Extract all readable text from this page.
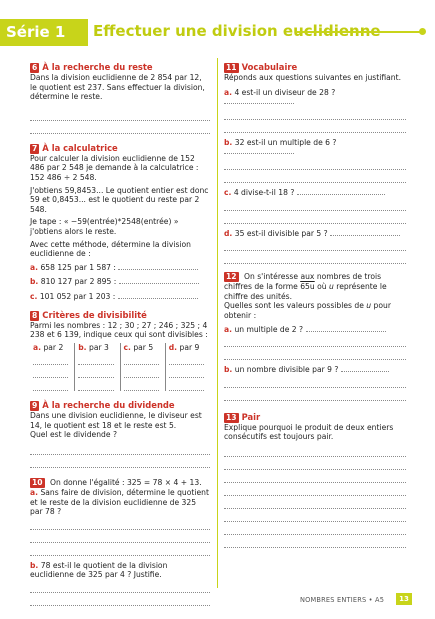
Série 1	Effectuer une division euclidienne

6 À la recherche du reste

Dans la division euclidienne de 2 854 par 12, le quotient est 237. Sans effectuer la division, détermine le reste.

7 À la calculatrice

Pour calculer la division euclidienne de 152 486 par 2 548 je demande à la calculatrice : 152 486 ÷ 2 548.

J'obtiens 59,8453... Le quotient entier est donc 59 et 0,8453... est le quotient du reste par 2 548.

Je tape : « −59(entrée)*2548(entrée) » j'obtiens alors le reste.

Avec cette méthode, détermine la division euclidienne de :

a. 658 125 par 1 587 :

b. 810 127 par 2 895 :

c. 101 052 par 1 203 :

8 Critères de divisibilité

Parmi les nombres : 12 ; 30 ; 27 ; 246 ; 325 ; 4 238 et 6 139, indique ceux qui sont divisibles :

a. par 2	b. par 3	c. par 5	d. par 9

9 À la recherche du dividende

Dans une division euclidienne, le diviseur est 14, le quotient est 18 et le reste est 5.

Quel est le dividende ?

10 On donne l'égalité : 325 = 78 × 4 + 13.

a. Sans faire de division, détermine le quotient et le reste de la division euclidienne de 325 par 78 ?

b. 78 est-il le quotient de la division euclidienne de 325 par 4 ? Justifie.

11 Vocabulaire

Réponds aux questions suivantes en justifiant.

a. 4 est-il un diviseur de 28 ?

b. 32 est-il un multiple de 6 ?

c. 4 divise-t-il 18 ?

d. 35 est-il divisible par 5 ?

12 On s'intéresse aux nombres de trois chiffres de la forme 65u où u représente le chiffre des unités.

Quelles sont les valeurs possibles de u pour obtenir :

a. un multiple de 2 ?

b. un nombre divisible par 9 ?

13 Pair

Explique pourquoi le produit de deux entiers consécutifs est toujours pair.

NOMBRES ENTIERS • A5	13
